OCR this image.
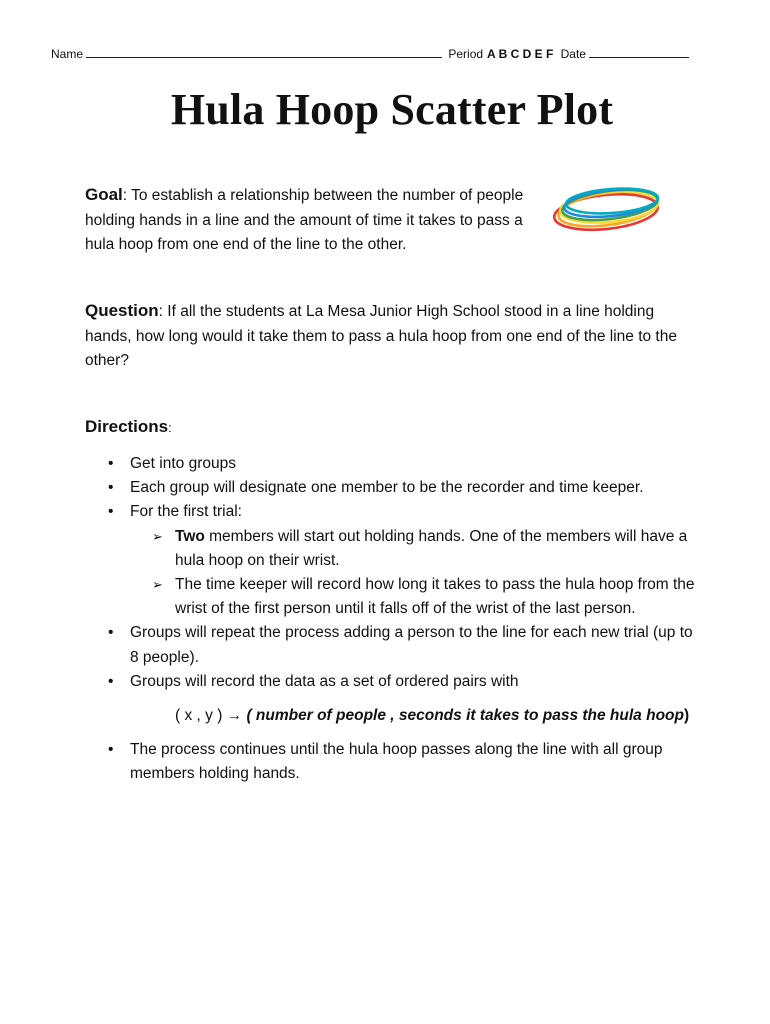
Name	Period A B C D E F Date
Hula Hoop Scatter Plot
Goal: To establish a relationship between the number of people holding hands in a line and the amount of time it takes to pass a hula hoop from one end of the line to the other.
Question: If all the students at La Mesa Junior High School stood in a line holding hands, how long would it take them to pass a hula hoop from one end of the line to the other?
Directions:
• Get into groups
• Each group will designate one member to be the recorder and time keeper.
• For the first trial:
➢ Two members will start out holding hands. One of the members will have a hula hoop on their wrist.
➢ The time keeper will record how long it takes to pass the hula hoop from the wrist of the first person until it falls off of the wrist of the last person.
• Groups will repeat the process adding a person to the line for each new trial (up to 8 people).
• Groups will record the data as a set of ordered pairs with
( x , y ) → ( number of people , seconds it takes to pass the hula hoop)
• The process continues until the hula hoop passes along the line with all group members holding hands.
